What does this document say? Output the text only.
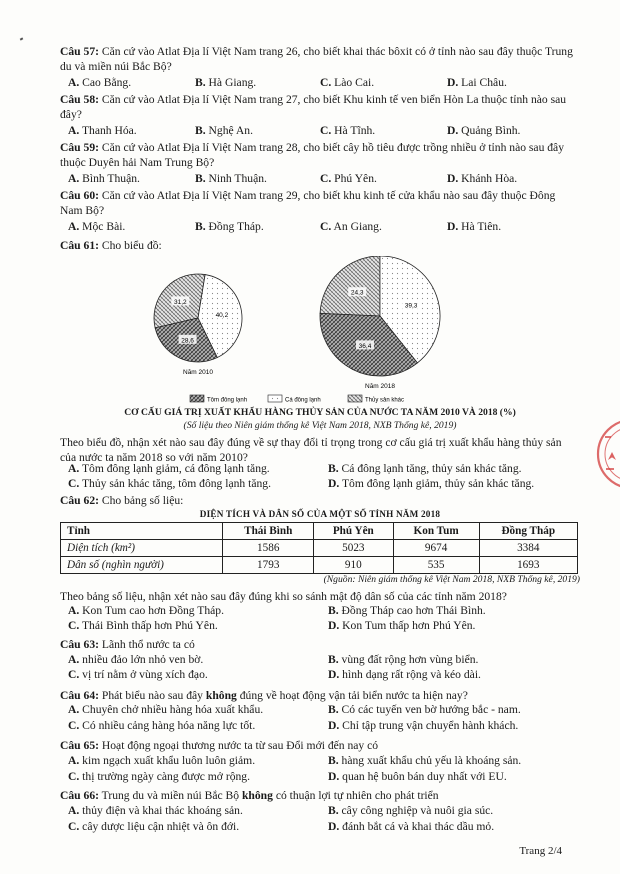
Câu 57: Căn cứ vào Atlat Địa lí Việt Nam trang 26, cho biết khai thác bôxit có ở tỉnh nào sau đây thuộc Trung du và miền núi Bắc Bộ?
A. Cao Bằng.	B. Hà Giang.	C. Lào Cai.	D. Lai Châu.
Câu 58: Căn cứ vào Atlat Địa lí Việt Nam trang 27, cho biết Khu kinh tế ven biển Hòn La thuộc tỉnh nào sau đây?
A. Thanh Hóa.	B. Nghệ An.	C. Hà Tĩnh.	D. Quảng Bình.
Câu 59: Căn cứ vào Atlat Địa lí Việt Nam trang 28, cho biết cây hồ tiêu được trồng nhiều ở tỉnh nào sau đây thuộc Duyên hải Nam Trung Bộ?
A. Bình Thuận.	B. Ninh Thuận.	C. Phú Yên.	D. Khánh Hòa.
Câu 60: Căn cứ vào Atlat Địa lí Việt Nam trang 29, cho biết khu kinh tế cửa khẩu nào sau đây thuộc Đông Nam Bộ?
A. Mộc Bài.	B. Đồng Tháp.	C. An Giang.	D. Hà Tiên.
Câu 61: Cho biểu đồ:
31,2
40,2
28,6
Năm 2010
24,3
39,3
36,4
Năm 2018
Tôm đông lạnh	Cá đông lạnh	Thủy sản khác
CƠ CẤU GIÁ TRỊ XUẤT KHẨU HÀNG THỦY SẢN CỦA NƯỚC TA NĂM 2010 VÀ 2018 (%)
(Số liệu theo Niên giám thống kê Việt Nam 2018, NXB Thống kê, 2019)
Theo biểu đồ, nhận xét nào sau đây đúng về sự thay đổi tỉ trọng trong cơ cấu giá trị xuất khẩu hàng thủy sản của nước ta năm 2018 so với năm 2010?
A. Tôm đông lạnh giảm, cá đông lạnh tăng.	B. Cá đông lạnh tăng, thủy sản khác tăng.
C. Thủy sản khác tăng, tôm đông lạnh tăng.	D. Tôm đông lạnh giảm, thủy sản khác tăng.
Câu 62: Cho bảng số liệu:
DIỆN TÍCH VÀ DÂN SỐ CỦA MỘT SỐ TỈNH NĂM 2018
Tỉnh	Thái Bình	Phú Yên	Kon Tum	Đồng Tháp
Diện tích (km²)	1586	5023	9674	3384
Dân số (nghìn người)	1793	910	535	1693
(Nguồn: Niên giám thống kê Việt Nam 2018, NXB Thống kê, 2019)
Theo bảng số liệu, nhận xét nào sau đây đúng khi so sánh mật độ dân số của các tỉnh năm 2018?
A. Kon Tum cao hơn Đồng Tháp.	B. Đồng Tháp cao hơn Thái Bình.
C. Thái Bình thấp hơn Phú Yên.	D. Kon Tum thấp hơn Phú Yên.
Câu 63: Lãnh thổ nước ta có
A. nhiều đảo lớn nhỏ ven bờ.	B. vùng đất rộng hơn vùng biển.
C. vị trí nằm ở vùng xích đạo.	D. hình dạng rất rộng và kéo dài.
Câu 64: Phát biểu nào sau đây không đúng về hoạt động vận tải biển nước ta hiện nay?
A. Chuyên chở nhiều hàng hóa xuất khẩu.	B. Có các tuyến ven bờ hướng bắc - nam.
C. Có nhiều cảng hàng hóa năng lực tốt.	D. Chỉ tập trung vận chuyển hành khách.
Câu 65: Hoạt động ngoại thương nước ta từ sau Đổi mới đến nay có
A. kim ngạch xuất khẩu luôn luôn giảm.	B. hàng xuất khẩu chủ yếu là khoáng sản.
C. thị trường ngày càng được mở rộng.	D. quan hệ buôn bán duy nhất với EU.
Câu 66: Trung du và miền núi Bắc Bộ không có thuận lợi tự nhiên cho phát triển
A. thủy điện và khai thác khoáng sản.	B. cây công nghiệp và nuôi gia súc.
C. cây dược liệu cận nhiệt và ôn đới.	D. đánh bắt cá và khai thác dầu mỏ.
Trang 2/4
